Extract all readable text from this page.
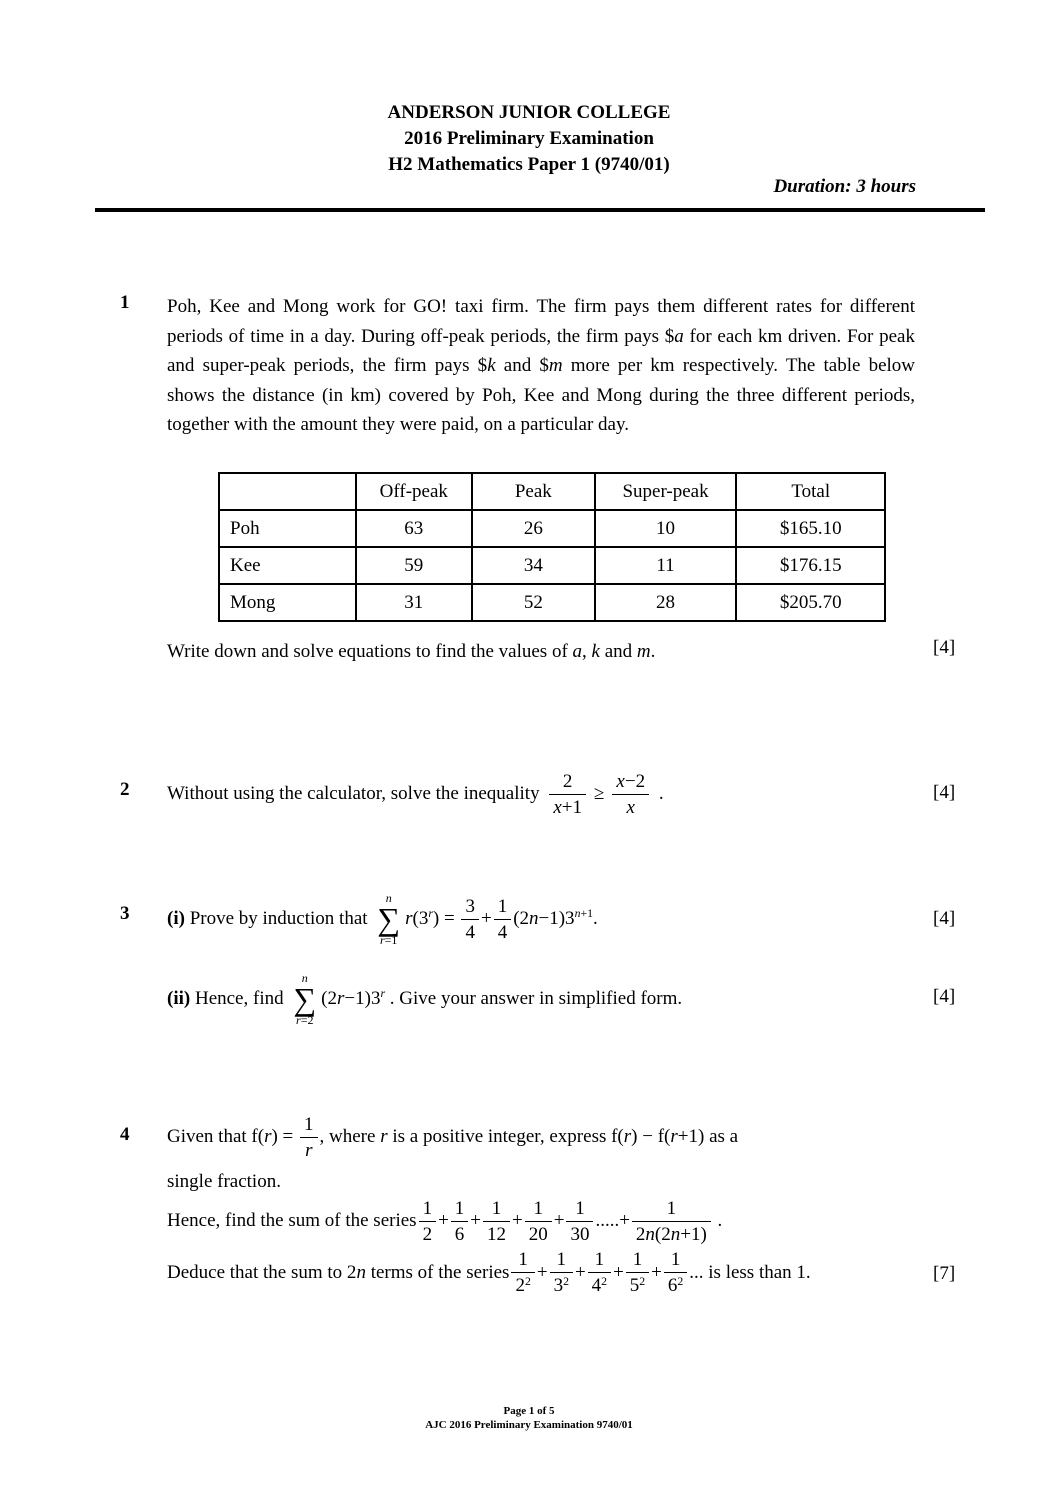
ANDERSON JUNIOR COLLEGE
2016 Preliminary Examination
H2 Mathematics Paper 1 (9740/01)
Duration: 3 hours
1 Poh, Kee and Mong work for GO! taxi firm. The firm pays them different rates for different periods of time in a day. During off-peak periods, the firm pays $a for each km driven. For peak and super-peak periods, the firm pays $k and $m more per km respectively. The table below shows the distance (in km) covered by Poh, Kee and Mong during the three different periods, together with the amount they were paid, on a particular day.
	Off-peak	Peak	Super-peak	Total
Poh	63	26	10	$165.10
Kee	59	34	11	$176.15
Mong	31	52	28	$205.70
Write down and solve equations to find the values of a, k and m.	[4]
2 Without using the calculator, solve the inequality $\frac{2}{x+1} \ge \frac{x-2}{x}$ .	[4]
3 (i) Prove by induction that
n
∑
r=1
$r(3^r) = \frac{3}{4} + \frac{1}{4} (2n-1)3^{n+1}$.	[4]
(ii) Hence, find
n
∑
r=2
$(2r-1)3^r$ . Give your answer in simplified form.	[4]
4 Given that $f(r) = \frac{1}{r}$ , where r is a positive integer, express f(r) − f(r+1) as a
single fraction.
Hence, find the sum of the series $\frac{1}{2} + \frac{1}{6} + \frac{1}{12} + \frac{1}{20} + \frac{1}{30}$ .....+ $\frac{1}{2n(2n+1)}$ .
Deduce that the sum to 2n terms of the series $\frac{1}{2^2} + \frac{1}{3^2} + \frac{1}{4^2} + \frac{1}{5^2} + \frac{1}{6^2}$ ... is less than 1.	[7]
Page 1 of 5
AJC 2016 Preliminary Examination 9740/01
